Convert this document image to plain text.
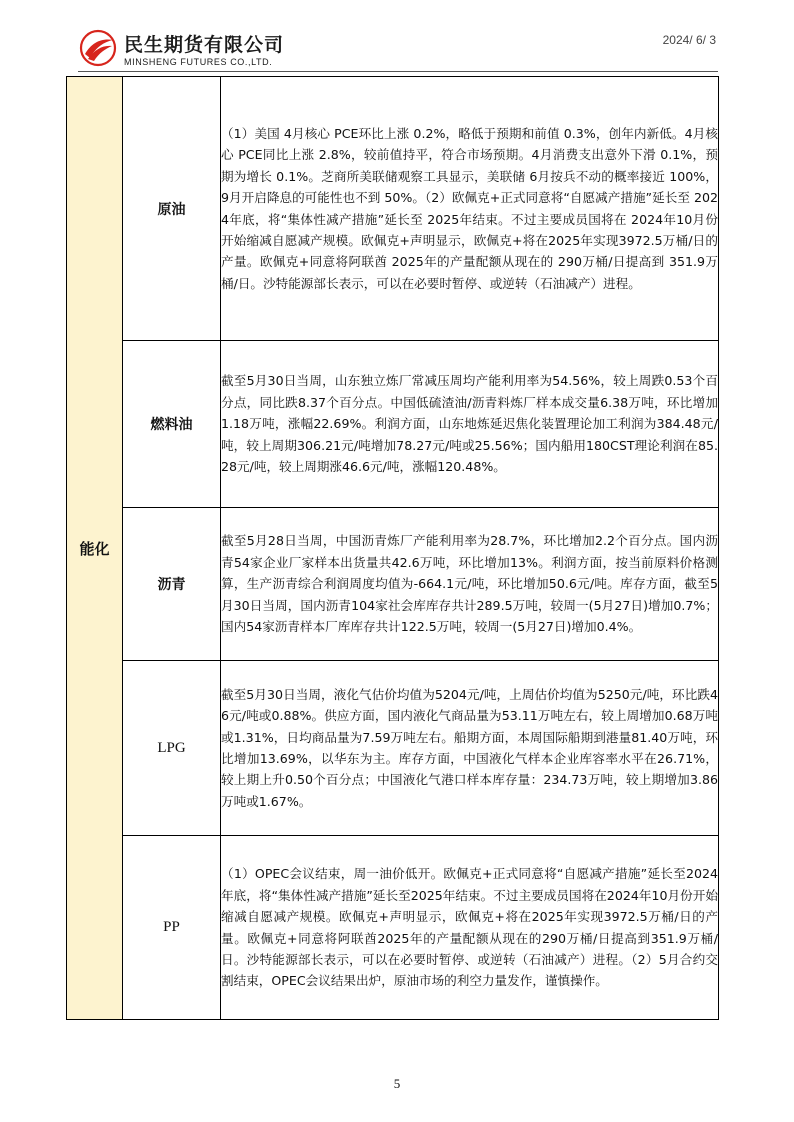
民生期货有限公司
MINSHENG FUTURES CO.,LTD.
2024/ 6/ 3
能化	原油	（1）美国 4月核心 PCE环比上涨 0.2%，略低于预期和前值 0.3%，创年内新低。4月核心 PCE同比上涨 2.8%，较前值持平，符合市场预期。4月消费支出意外下滑 0.1%，预期为增长 0.1%。芝商所美联储观察工具显示，美联储 6月按兵不动的概率接近 100%，9月开启降息的可能性也不到 50%。（2）欧佩克+正式同意将“自愿减产措施”延长至 2024年底，将“集体性减产措施”延长至 2025年结束。不过主要成员国将在 2024年10月份开始缩减自愿减产规模。欧佩克+声明显示，欧佩克+将在2025年实现3972.5万桶/日的产量。欧佩克+同意将阿联酋 2025年的产量配额从现在的 290万桶/日提高到 351.9万桶/日。沙特能源部长表示，可以在必要时暂停、或逆转（石油减产）进程。
	燃料油	截至5月30日当周，山东独立炼厂常减压周均产能利用率为54.56%，较上周跌0.53个百分点，同比跌8.37个百分点。中国低硫渣油/沥青料炼厂样本成交量6.38万吨，环比增加1.18万吨，涨幅22.69%。利润方面，山东地炼延迟焦化装置理论加工利润为384.48元/吨，较上周期306.21元/吨增加78.27元/吨或25.56%；国内船用180CST理论利润在85.28元/吨，较上周期涨46.6元/吨，涨幅120.48%。
	沥青	截至5月28日当周，中国沥青炼厂产能利用率为28.7%，环比增加2.2个百分点。国内沥青54家企业厂家样本出货量共42.6万吨，环比增加13%。利润方面，按当前原料价格测算，生产沥青综合利润周度均值为-664.1元/吨，环比增加50.6元/吨。库存方面，截至5月30日当周，国内沥青104家社会库库存共计289.5万吨，较周一(5月27日)增加0.7%；国内54家沥青样本厂库库存共计122.5万吨，较周一(5月27日)增加0.4%。
	LPG	截至5月30日当周，液化气估价均值为5204元/吨，上周估价均值为5250元/吨，环比跌46元/吨或0.88%。供应方面，国内液化气商品量为53.11万吨左右，较上周增加0.68万吨或1.31%，日均商品量为7.59万吨左右。船期方面，本周国际船期到港量81.40万吨，环比增加13.69%，以华东为主。库存方面，中国液化气样本企业库容率水平在26.71%，较上期上升0.50个百分点；中国液化气港口样本库存量：234.73万吨，较上期增加3.86万吨或1.67%。
	PP	（1）OPEC会议结束，周一油价低开。欧佩克+正式同意将“自愿减产措施”延长至2024年底，将“集体性减产措施”延长至2025年结束。不过主要成员国将在2024年10月份开始缩减自愿减产规模。欧佩克+声明显示，欧佩克+将在2025年实现3972.5万桶/日的产量。欧佩克+同意将阿联酋2025年的产量配额从现在的290万桶/日提高到351.9万桶/日。沙特能源部长表示，可以在必要时暂停、或逆转（石油减产）进程。（2）5月合约交割结束，OPEC会议结果出炉，原油市场的利空力量发作，谨慎操作。
5
